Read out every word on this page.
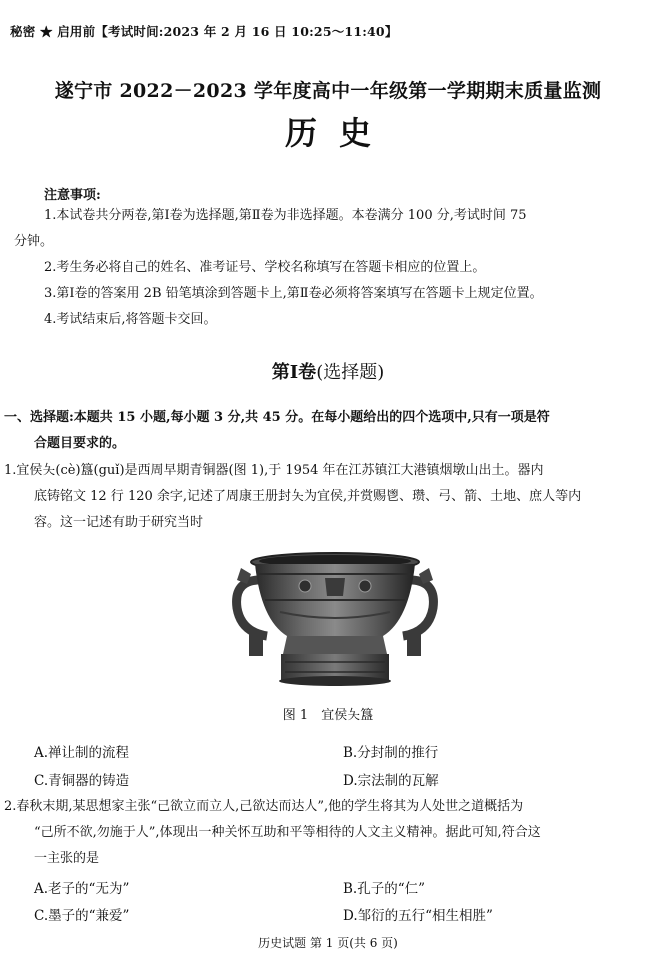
秘密 ★ 启用前【考试时间:2023 年 2 月 16 日 10:25～11:40】
遂宁市 2022－2023 学年度高中一年级第一学期期末质量监测
历史
注意事项:
1.本试卷共分两卷,第Ⅰ卷为选择题,第Ⅱ卷为非选择题。本卷满分 100 分,考试时间 75
分钟。
2.考生务必将自己的姓名、准考证号、学校名称填写在答题卡相应的位置上。
3.第Ⅰ卷的答案用 2B 铅笔填涂到答题卡上,第Ⅱ卷必须将答案填写在答题卡上规定位置。
4.考试结束后,将答题卡交回。
第Ⅰ卷(选择题)
一、选择题:本题共 15 小题,每小题 3 分,共 45 分。在每小题给出的四个选项中,只有一项是符
合题目要求的。
1.宜侯夨(cè)簋(guǐ)是西周早期青铜器(图 1),于 1954 年在江苏镇江大港镇烟墩山出土。器内
底铸铭文 12 行 120 余字,记述了周康王册封夨为宜侯,并赏赐鬯、瓒、弓、箭、土地、庶人等内
容。这一记述有助于研究当时
图 1　宜侯夨簋
A.禅让制的流程	B.分封制的推行
C.青铜器的铸造	D.宗法制的瓦解
2.春秋末期,某思想家主张“己欲立而立人,己欲达而达人”,他的学生将其为人处世之道概括为
“己所不欲,勿施于人”,体现出一种关怀互助和平等相待的人文主义精神。据此可知,符合这
一主张的是
A.老子的“无为”	B.孔子的“仁”
C.墨子的“兼爱”	D.邹衍的五行“相生相胜”
历史试题 第 1 页(共 6 页)
